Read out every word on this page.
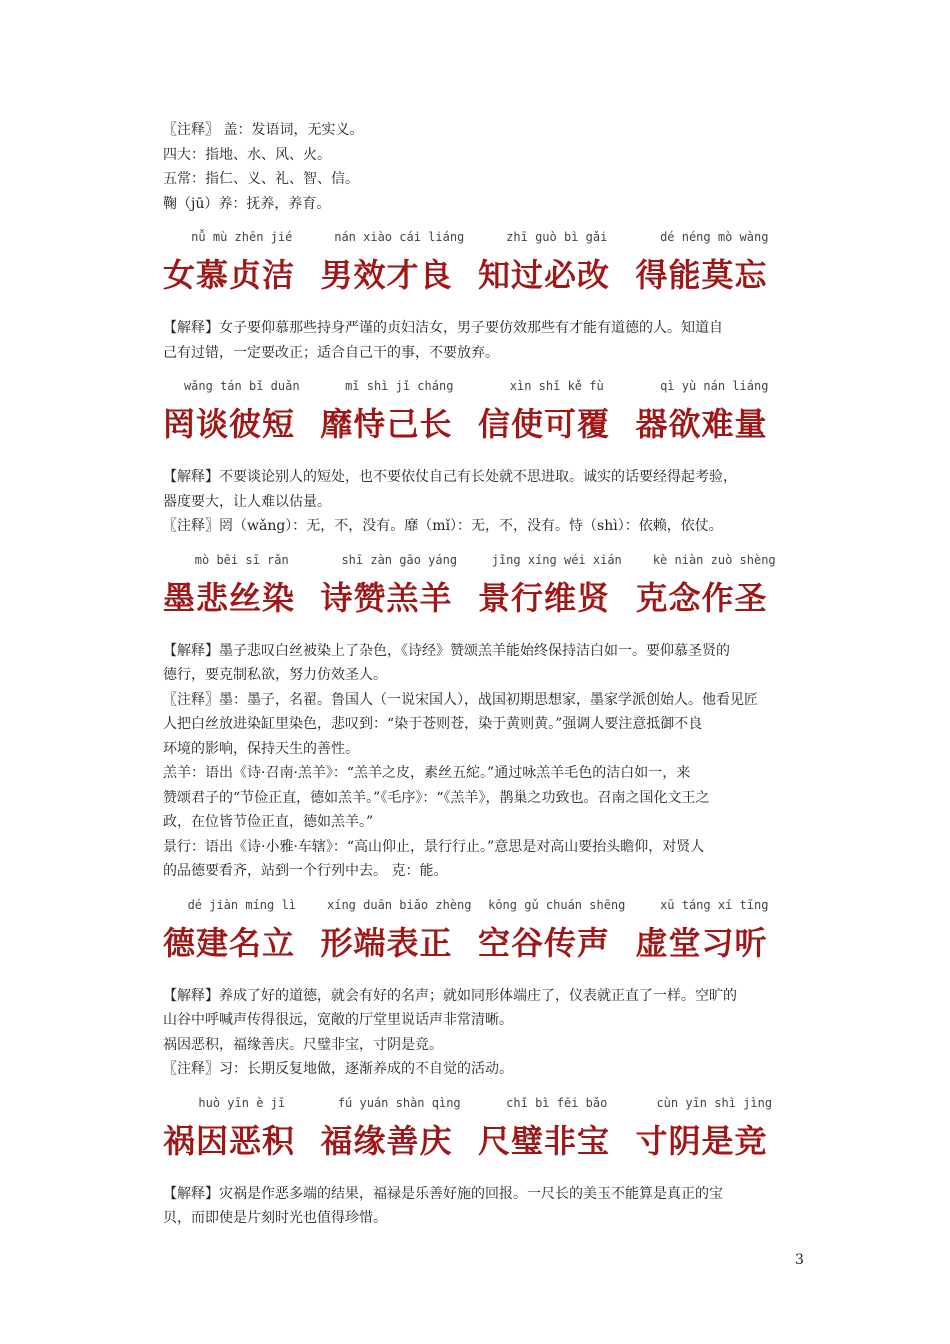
〖注释〗 盖：发语词，无实义。

四大：指地、水、风、火。

五常：指仁、义、礼、智、信。

鞠（jū）养：抚养，养育。

nǚ mù zhēn jié	nán xiào cái liáng	zhī guò bì gǎi	dé néng mò wàng
女慕贞洁 男效才良 知过必改 得能莫忘

【解释】女子要仰慕那些持身严谨的贞妇洁女，男子要仿效那些有才能有道德的人。知道自

己有过错，一定要改正；适合自己干的事，不要放弃。

wǎng tán bǐ duǎn	mǐ shì jǐ cháng	xìn shǐ kě fù	qì yù nán liáng
罔谈彼短 靡恃己长 信使可覆 器欲难量

【解释】不要谈论别人的短处，也不要依仗自己有长处就不思进取。诚实的话要经得起考验，

器度要大，让人难以估量。

〖注释〗罔（wǎng）：无，不，没有。靡（mǐ）：无，不，没有。恃（shì）：依赖，依仗。

mò bēi sī rǎn	shī zàn gāo yáng	jǐng xíng wéi xián	kè niàn zuò shèng
墨悲丝染 诗赞羔羊 景行维贤 克念作圣

【解释】墨子悲叹白丝被染上了杂色，《诗经》赞颂羔羊能始终保持洁白如一。要仰慕圣贤的

德行，要克制私欲，努力仿效圣人。

〖注释〗墨：墨子，名翟。鲁国人（一说宋国人），战国初期思想家，墨家学派创始人。他看见匠

人把白丝放进染缸里染色，悲叹到：“染于苍则苍，染于黄则黄。”强调人要注意抵御不良

环境的影响，保持天生的善性。

羔羊：语出《诗·召南·羔羊》：“羔羊之皮，素丝五紽。”通过咏羔羊毛色的洁白如一，来

赞颂君子的“节俭正直，德如羔羊。”《毛序》：“《羔羊》，鹊巢之功致也。召南之国化文王之

政，在位皆节俭正直，德如羔羊。”

景行：语出《诗·小雅·车辖》：“高山仰止，景行行止。”意思是对高山要抬头瞻仰，对贤人

的品德要看齐，站到一个行列中去。 克：能。

dé jiàn míng lì	xíng duān biǎo zhèng	kōng gǔ chuán shēng	xū táng xí tīng
德建名立 形端表正 空谷传声 虚堂习听

【解释】养成了好的道德，就会有好的名声；就如同形体端庄了，仪表就正直了一样。空旷的

山谷中呼喊声传得很远，宽敞的厅堂里说话声非常清晰。

祸因恶积，福缘善庆。尺璧非宝，寸阴是竞。

〖注释〗习：长期反复地做，逐渐养成的不自觉的活动。

huò yīn è jī	fú yuán shàn qìng	chǐ bì fēi bǎo	cùn yīn shì jìng
祸因恶积 福缘善庆 尺璧非宝 寸阴是竞

【解释】灾祸是作恶多端的结果，福禄是乐善好施的回报。一尺长的美玉不能算是真正的宝

贝，而即使是片刻时光也值得珍惜。

3
